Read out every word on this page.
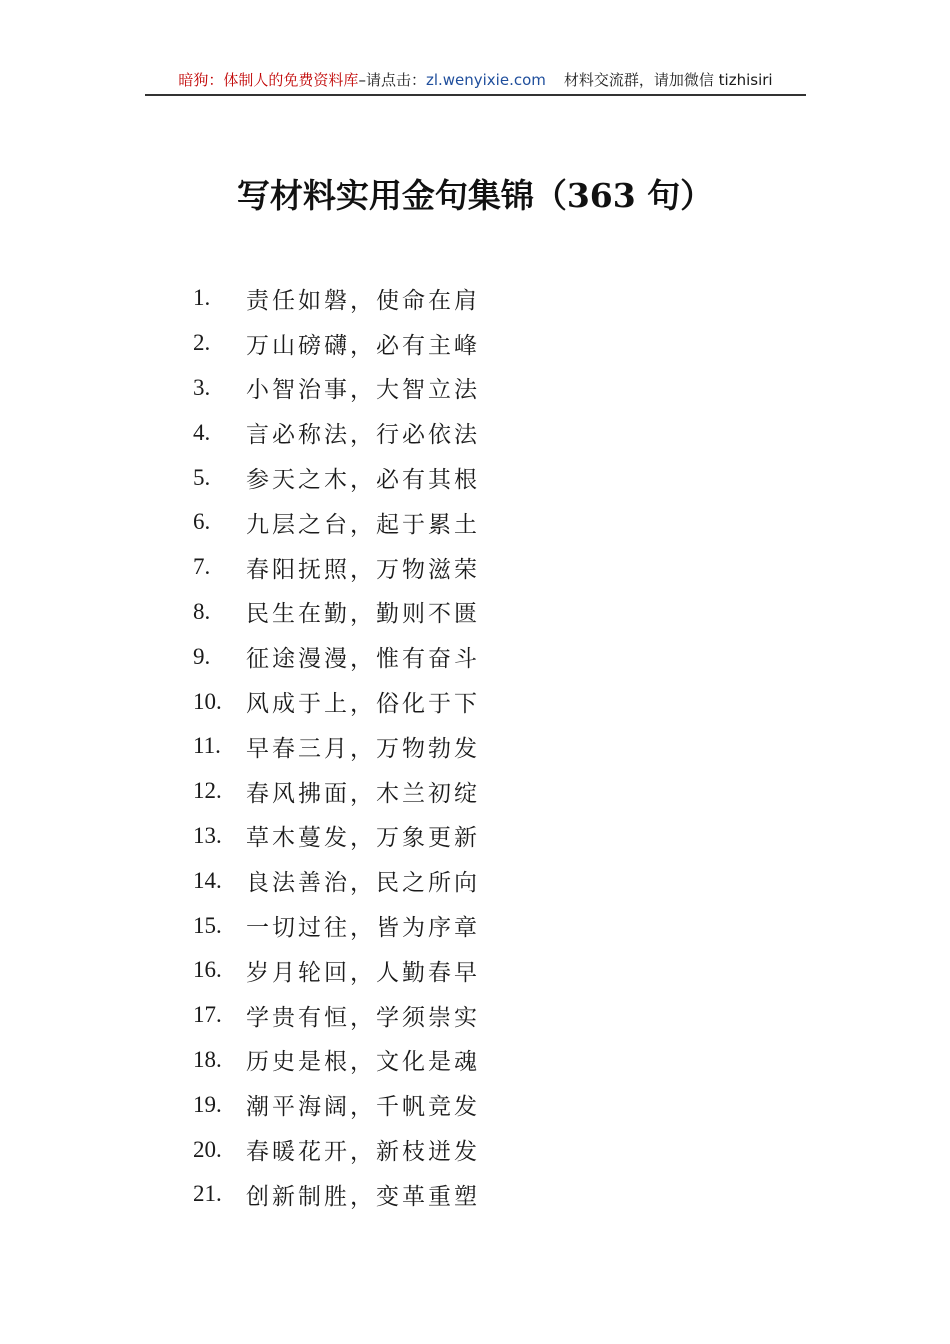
暗狗：体制人的免费资料库–请点击：zl.wenyixie.com 材料交流群，请加微信 tizhisiri
写材料实用金句集锦（363 句）
1.	责任如磐，使命在肩
2.	万山磅礴，必有主峰
3.	小智治事，大智立法
4.	言必称法，行必依法
5.	参天之木，必有其根
6.	九层之台，起于累土
7.	春阳抚照，万物滋荣
8.	民生在勤，勤则不匮
9.	征途漫漫，惟有奋斗
10.	风成于上，俗化于下
11.	早春三月，万物勃发
12.	春风拂面，木兰初绽
13.	草木蔓发，万象更新
14.	良法善治，民之所向
15.	一切过往，皆为序章
16.	岁月轮回，人勤春早
17.	学贵有恒，学须崇实
18.	历史是根，文化是魂
19.	潮平海阔，千帆竞发
20.	春暖花开，新枝迸发
21.	创新制胜，变革重塑
